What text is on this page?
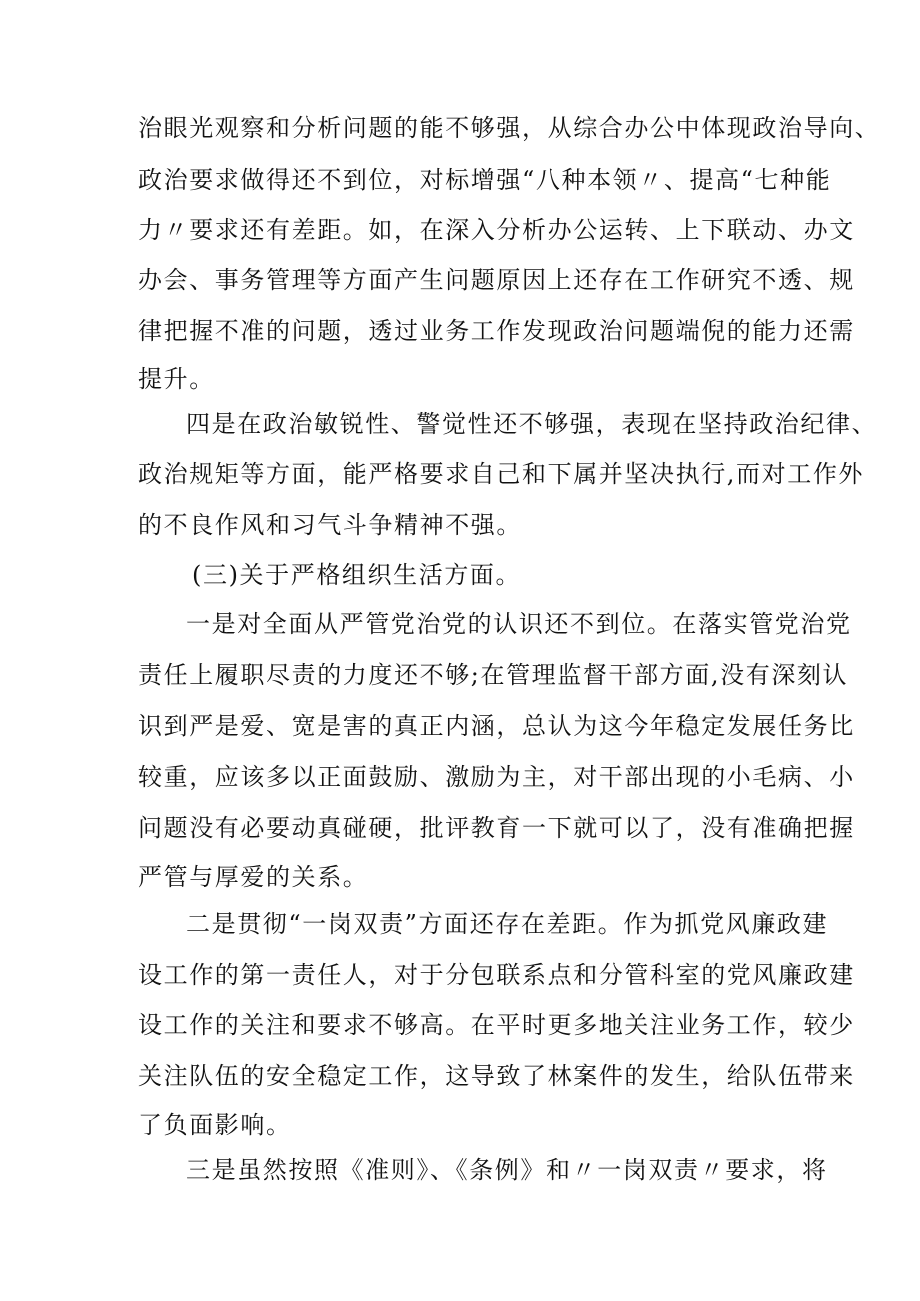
治眼光观察和分析问题的能不够强，从综合办公中体现政治导向、
政治要求做得还不到位，对标增强“八种本领〃、提高“七种能
力〃要求还有差距。如，在深入分析办公运转、上下联动、办文
办会、事务管理等方面产生问题原因上还存在工作研究不透、规
律把握不准的问题，透过业务工作发现政治问题端倪的能力还需
提升。
四是在政治敏锐性、警觉性还不够强，表现在坚持政治纪律、
政治规矩等方面，能严格要求自己和下属并坚决执行,而对工作外
的不良作风和习气斗争精神不强。
(三)关于严格组织生活方面。
一是对全面从严管党治党的认识还不到位。在落实管党治党
责任上履职尽责的力度还不够;在管理监督干部方面,没有深刻认
识到严是爱、宽是害的真正内涵，总认为这今年稳定发展任务比
较重，应该多以正面鼓励、激励为主，对干部出现的小毛病、小
问题没有必要动真碰硬，批评教育一下就可以了，没有准确把握
严管与厚爱的关系。
二是贯彻“一岗双责”方面还存在差距。作为抓党风廉政建
设工作的第一责任人，对于分包联系点和分管科室的党风廉政建
设工作的关注和要求不够高。在平时更多地关注业务工作，较少
关注队伍的安全稳定工作，这导致了林案件的发生，给队伍带来
了负面影响。
三是虽然按照《准则》、《条例》和〃一岗双责〃要求，将
